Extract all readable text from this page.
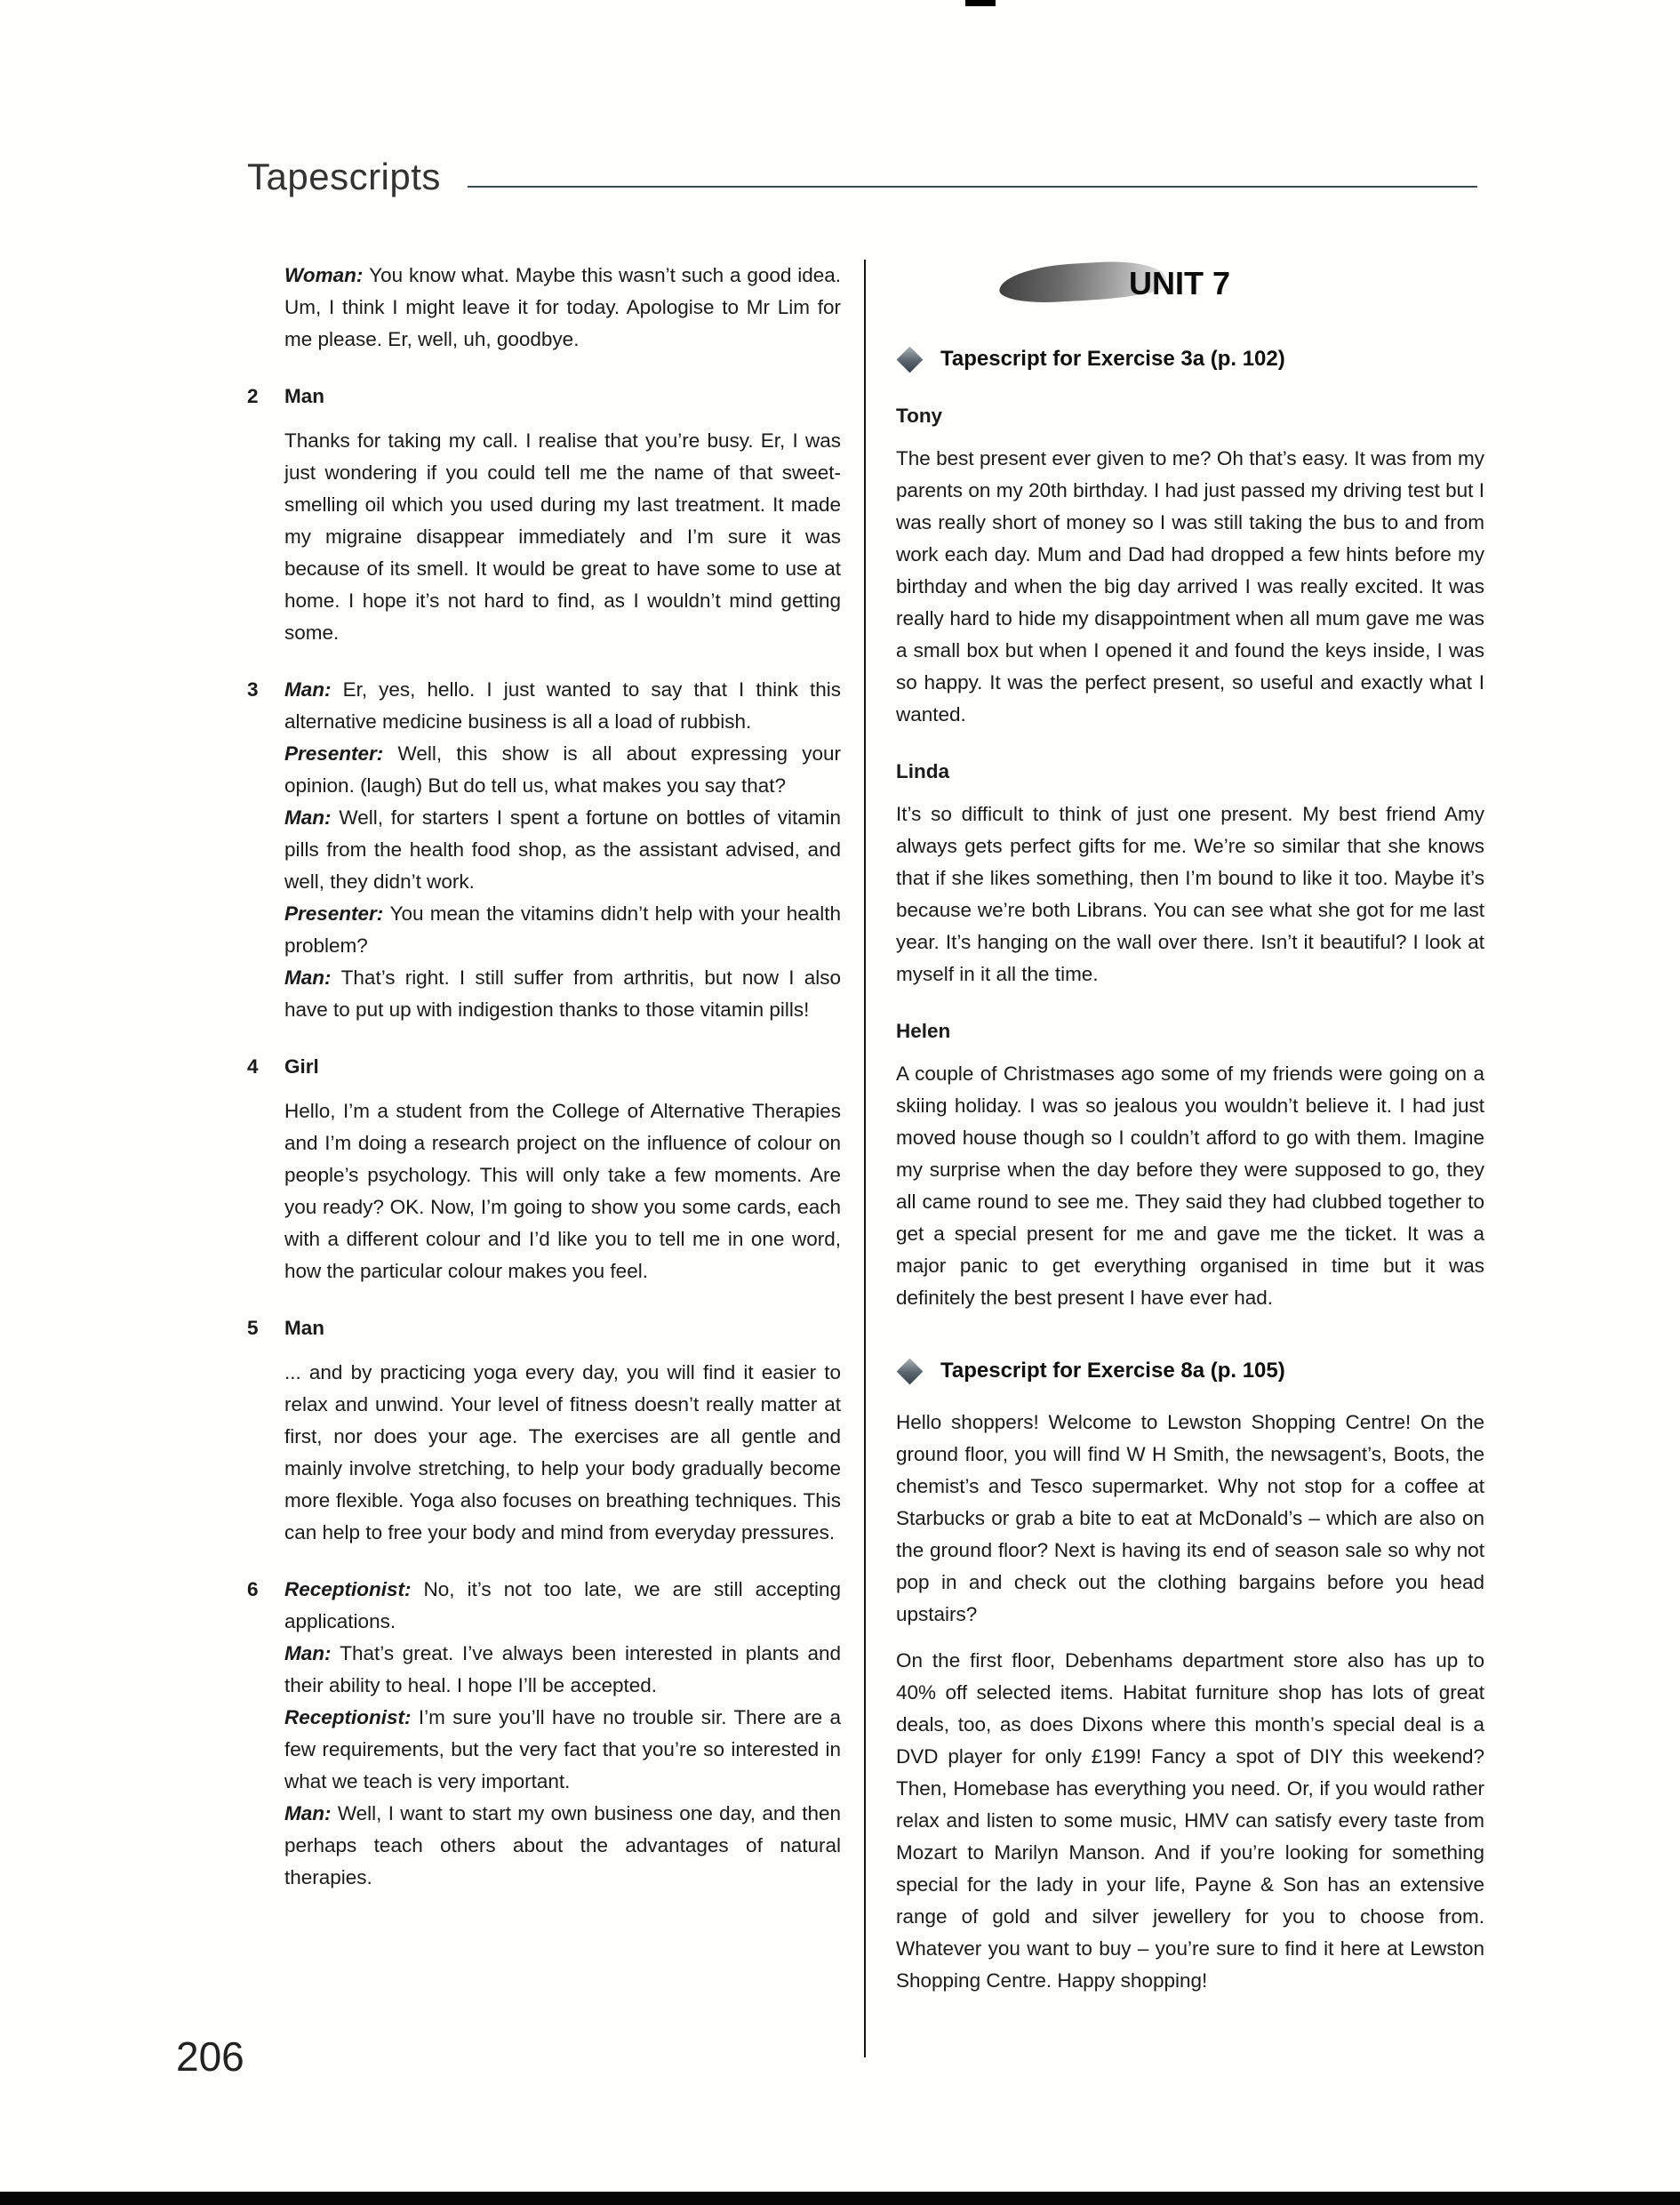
Tapescripts
Woman: You know what. Maybe this wasn’t such a good idea. Um, I think I might leave it for today. Apologise to Mr Lim for me please. Er, well, uh, goodbye.
2 Man

Thanks for taking my call. I realise that you’re busy. Er, I was just wondering if you could tell me the name of that sweet-smelling oil which you used during my last treatment. It made my migraine disappear immediately and I’m sure it was because of its smell. It would be great to have some to use at home. I hope it’s not hard to find, as I wouldn’t mind getting some.

3 Man: Er, yes, hello. I just wanted to say that I think this alternative medicine business is all a load of rubbish.
Presenter: Well, this show is all about expressing your opinion. (laugh) But do tell us, what makes you say that?
Man: Well, for starters I spent a fortune on bottles of vitamin pills from the health food shop, as the assistant advised, and well, they didn’t work.
Presenter: You mean the vitamins didn’t help with your health problem?
Man: That’s right. I still suffer from arthritis, but now I also have to put up with indigestion thanks to those vitamin pills!
4 Girl

Hello, I’m a student from the College of Alternative Therapies and I’m doing a research project on the influence of colour on people’s psychology. This will only take a few moments. Are you ready? OK. Now, I’m going to show you some cards, each with a different colour and I’d like you to tell me in one word, how the particular colour makes you feel.

5 Man

... and by practicing yoga every day, you will find it easier to relax and unwind. Your level of fitness doesn’t really matter at first, nor does your age. The exercises are all gentle and mainly involve stretching, to help your body gradually become more flexible. Yoga also focuses on breathing techniques. This can help to free your body and mind from everyday pressures.

6 Receptionist: No, it’s not too late, we are still accepting applications.
Man: That’s great. I’ve always been interested in plants and their ability to heal. I hope I’ll be accepted.
Receptionist: I’m sure you’ll have no trouble sir. There are a few requirements, but the very fact that you’re so interested in what we teach is very important.
Man: Well, I want to start my own business one day, and then perhaps teach others about the advantages of natural therapies.
UNIT 7
Tapescript for Exercise 3a (p. 102)
Tony

The best present ever given to me? Oh that’s easy. It was from my parents on my 20th birthday. I had just passed my driving test but I was really short of money so I was still taking the bus to and from work each day. Mum and Dad had dropped a few hints before my birthday and when the big day arrived I was really excited. It was really hard to hide my disappointment when all mum gave me was a small box but when I opened it and found the keys inside, I was so happy. It was the perfect present, so useful and exactly what I wanted.

Linda

It’s so difficult to think of just one present. My best friend Amy always gets perfect gifts for me. We’re so similar that she knows that if she likes something, then I’m bound to like it too. Maybe it’s because we’re both Librans. You can see what she got for me last year. It’s hanging on the wall over there. Isn’t it beautiful? I look at myself in it all the time.

Helen

A couple of Christmases ago some of my friends were going on a skiing holiday. I was so jealous you wouldn’t believe it. I had just moved house though so I couldn’t afford to go with them. Imagine my surprise when the day before they were supposed to go, they all came round to see me. They said they had clubbed together to get a special present for me and gave me the ticket. It was a major panic to get everything organised in time but it was definitely the best present I have ever had.

Tapescript for Exercise 8a (p. 105)

Hello shoppers! Welcome to Lewston Shopping Centre! On the ground floor, you will find W H Smith, the newsagent’s, Boots, the chemist’s and Tesco supermarket. Why not stop for a coffee at Starbucks or grab a bite to eat at McDonald’s – which are also on the ground floor? Next is having its end of season sale so why not pop in and check out the clothing bargains before you head upstairs?

On the first floor, Debenhams department store also has up to 40% off selected items. Habitat furniture shop has lots of great deals, too, as does Dixons where this month’s special deal is a DVD player for only £199! Fancy a spot of DIY this weekend? Then, Homebase has everything you need. Or, if you would rather relax and listen to some music, HMV can satisfy every taste from Mozart to Marilyn Manson. And if you’re looking for something special for the lady in your life, Payne & Son has an extensive range of gold and silver jewellery for you to choose from. Whatever you want to buy – you’re sure to find it here at Lewston Shopping Centre. Happy shopping!

206
